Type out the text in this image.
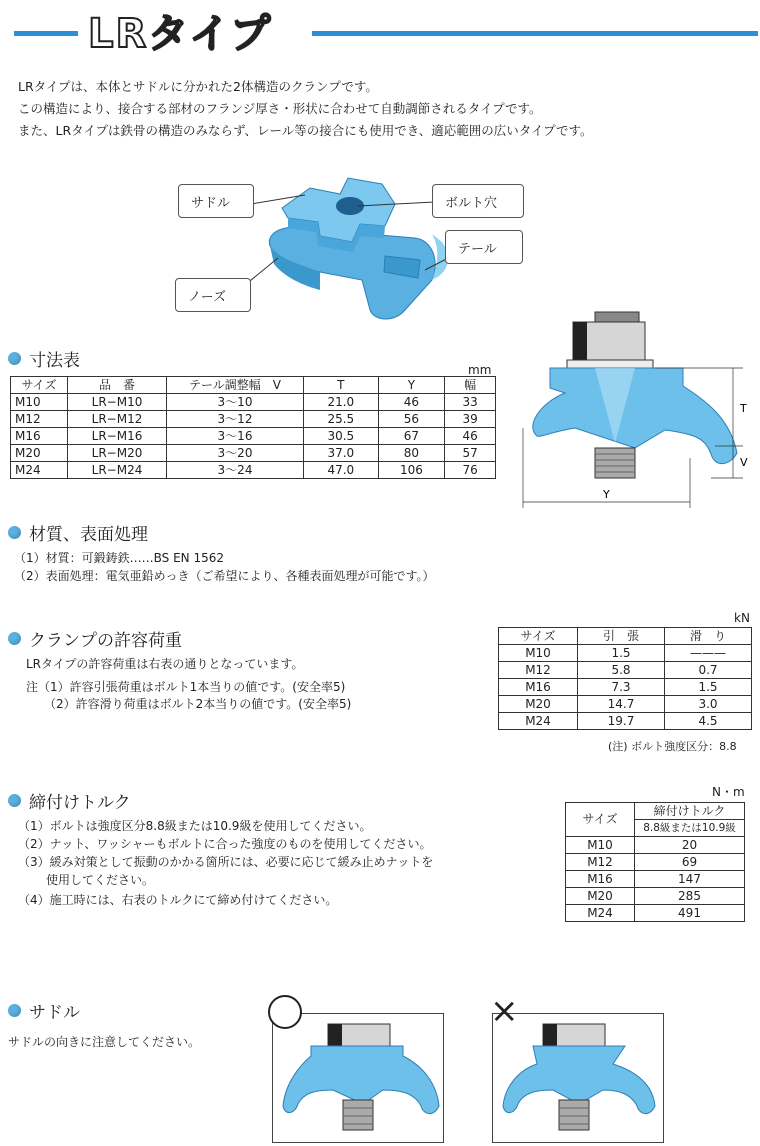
LRタイプ
LRタイプは、本体とサドルに分かれた2体構造のクランプです。
この構造により、接合する部材のフランジ厚さ・形状に合わせて自動調節されるタイプです。
また、LRタイプは鉄骨の構造のみならず、レール等の接合にも使用でき、適応範囲の広いタイプです。
サドル	ボルト穴
テール
ノーズ
寸法表	mm
サイズ	品　番	テール調整幅　V	T	Y	幅
M10	LR−M10	3〜10	21.0	46	33
M12	LR−M12	3〜12	25.5	56	39
M16	LR−M16	3〜16	30.5	67	46
M20	LR−M20	3〜20	37.0	80	57
M24	LR−M24	3〜24	47.0	106	76
T
V
Y
材質、表面処理
（1）材質：可鍛鋳鉄……BS EN 1562
（2）表面処理：電気亜鉛めっき（ご希望により、各種表面処理が可能です。）
クランプの許容荷重
LRタイプの許容荷重は右表の通りとなっています。
注（1）許容引張荷重はボルト1本当りの値です。(安全率5)
（2）許容滑り荷重はボルト2本当りの値です。(安全率5)
kN
サイズ	引　張	滑　り
M10	1.5	———
M12	5.8	0.7
M16	7.3	1.5
M20	14.7	3.0
M24	19.7	4.5
(注) ボルト強度区分：8.8
締付けトルク
（1）ボルトは強度区分8.8級または10.9級を使用してください。
（2）ナット、ワッシャーもボルトに合った強度のものを使用してください。
（3）緩み対策として振動のかかる箇所には、必要に応じて緩み止めナットを
使用してください。
（4）施工時には、右表のトルクにて締め付けてください。
N・m
サイズ	締付けトルク
	8.8級または10.9級
M10	20
M12	69
M16	147
M20	285
M24	491
サドル
サドルの向きに注意してください。
×
